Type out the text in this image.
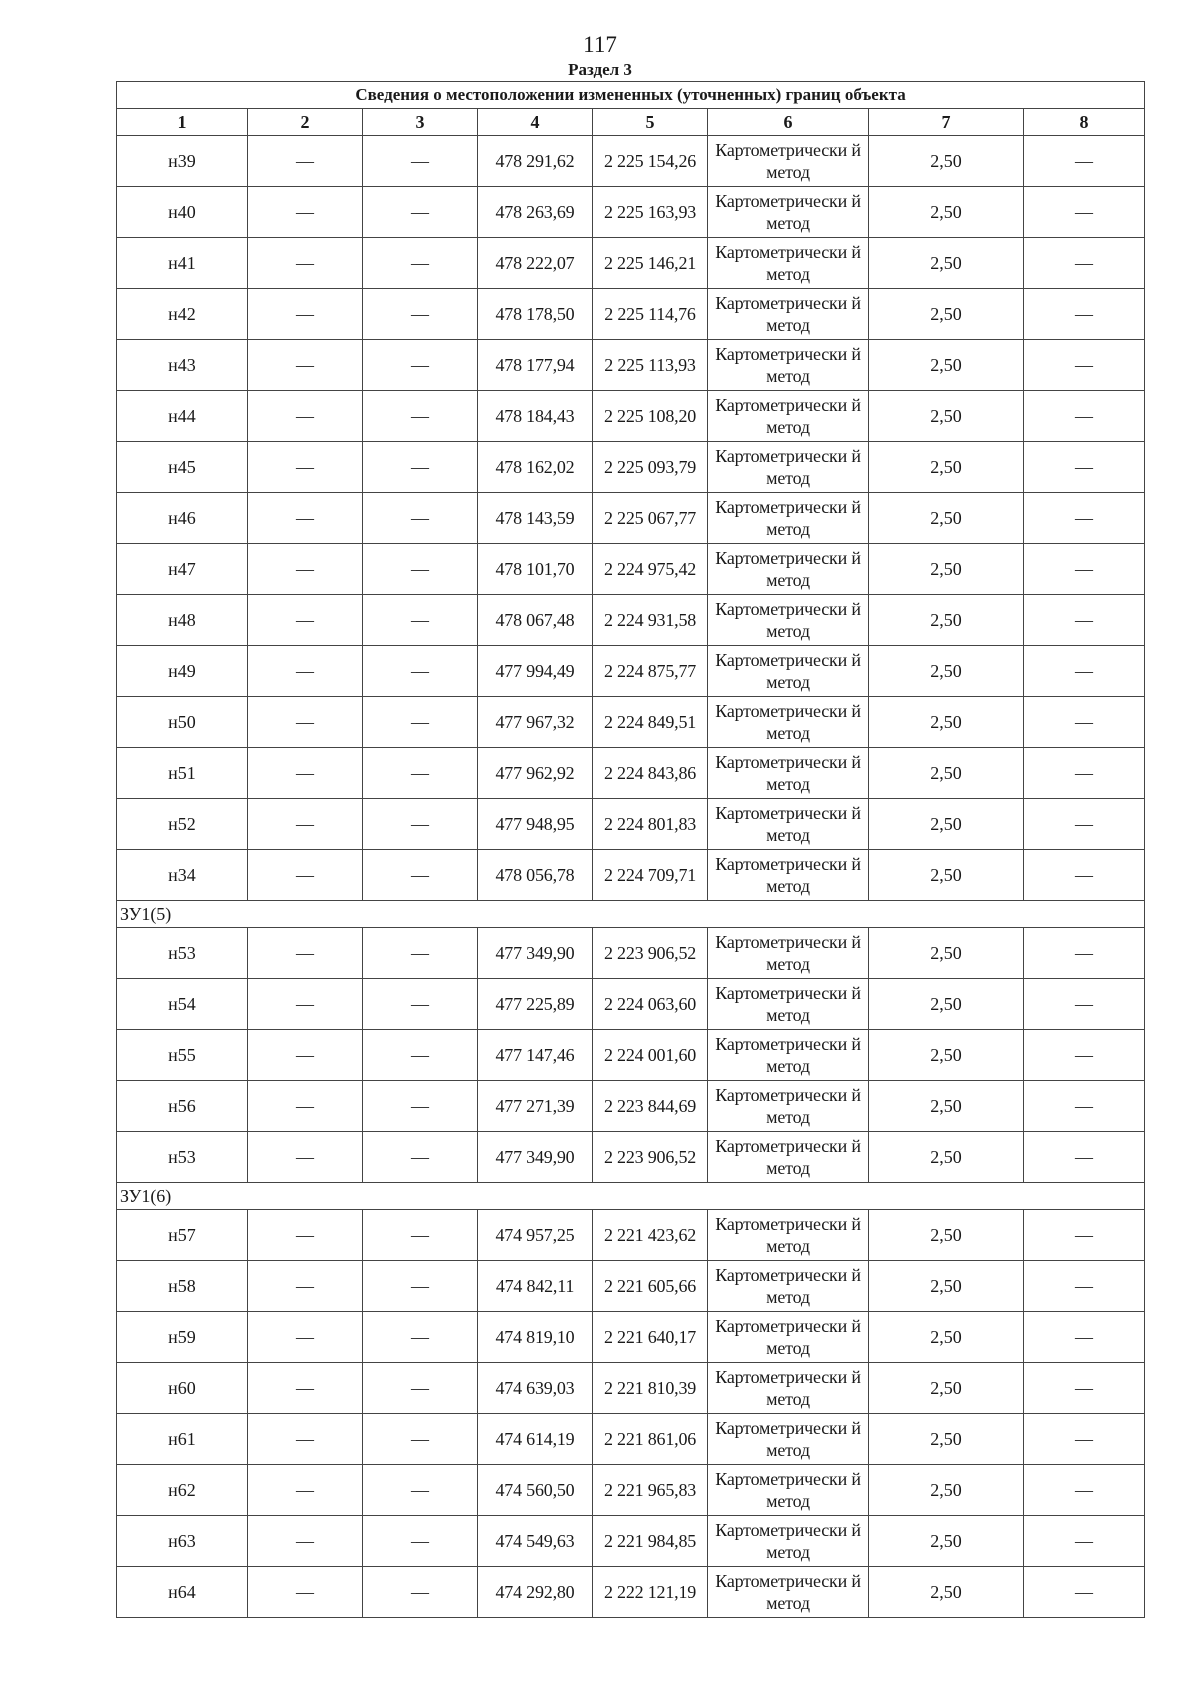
117
Раздел 3
Сведения о местоположении измененных (уточненных) границ объекта							
1	2	3	4	5	6	7	8
н39	—	—	478 291,62	2 225 154,26	Картометрически й метод	2,50	—
н40	—	—	478 263,69	2 225 163,93	Картометрически й метод	2,50	—
н41	—	—	478 222,07	2 225 146,21	Картометрически й метод	2,50	—
н42	—	—	478 178,50	2 225 114,76	Картометрически й метод	2,50	—
н43	—	—	478 177,94	2 225 113,93	Картометрически й метод	2,50	—
н44	—	—	478 184,43	2 225 108,20	Картометрически й метод	2,50	—
н45	—	—	478 162,02	2 225 093,79	Картометрически й метод	2,50	—
н46	—	—	478 143,59	2 225 067,77	Картометрически й метод	2,50	—
н47	—	—	478 101,70	2 224 975,42	Картометрически й метод	2,50	—
н48	—	—	478 067,48	2 224 931,58	Картометрически й метод	2,50	—
н49	—	—	477 994,49	2 224 875,77	Картометрически й метод	2,50	—
н50	—	—	477 967,32	2 224 849,51	Картометрически й метод	2,50	—
н51	—	—	477 962,92	2 224 843,86	Картометрически й метод	2,50	—
н52	—	—	477 948,95	2 224 801,83	Картометрически й метод	2,50	—
н34	—	—	478 056,78	2 224 709,71	Картометрически й метод	2,50	—
ЗУ1(5)							
н53	—	—	477 349,90	2 223 906,52	Картометрически й метод	2,50	—
н54	—	—	477 225,89	2 224 063,60	Картометрически й метод	2,50	—
н55	—	—	477 147,46	2 224 001,60	Картометрически й метод	2,50	—
н56	—	—	477 271,39	2 223 844,69	Картометрически й метод	2,50	—
н53	—	—	477 349,90	2 223 906,52	Картометрически й метод	2,50	—
ЗУ1(6)							
н57	—	—	474 957,25	2 221 423,62	Картометрически й метод	2,50	—
н58	—	—	474 842,11	2 221 605,66	Картометрически й метод	2,50	—
н59	—	—	474 819,10	2 221 640,17	Картометрически й метод	2,50	—
н60	—	—	474 639,03	2 221 810,39	Картометрически й метод	2,50	—
н61	—	—	474 614,19	2 221 861,06	Картометрически й метод	2,50	—
н62	—	—	474 560,50	2 221 965,83	Картометрически й метод	2,50	—
н63	—	—	474 549,63	2 221 984,85	Картометрически й метод	2,50	—
н64	—	—	474 292,80	2 222 121,19	Картометрически й метод	2,50	—
